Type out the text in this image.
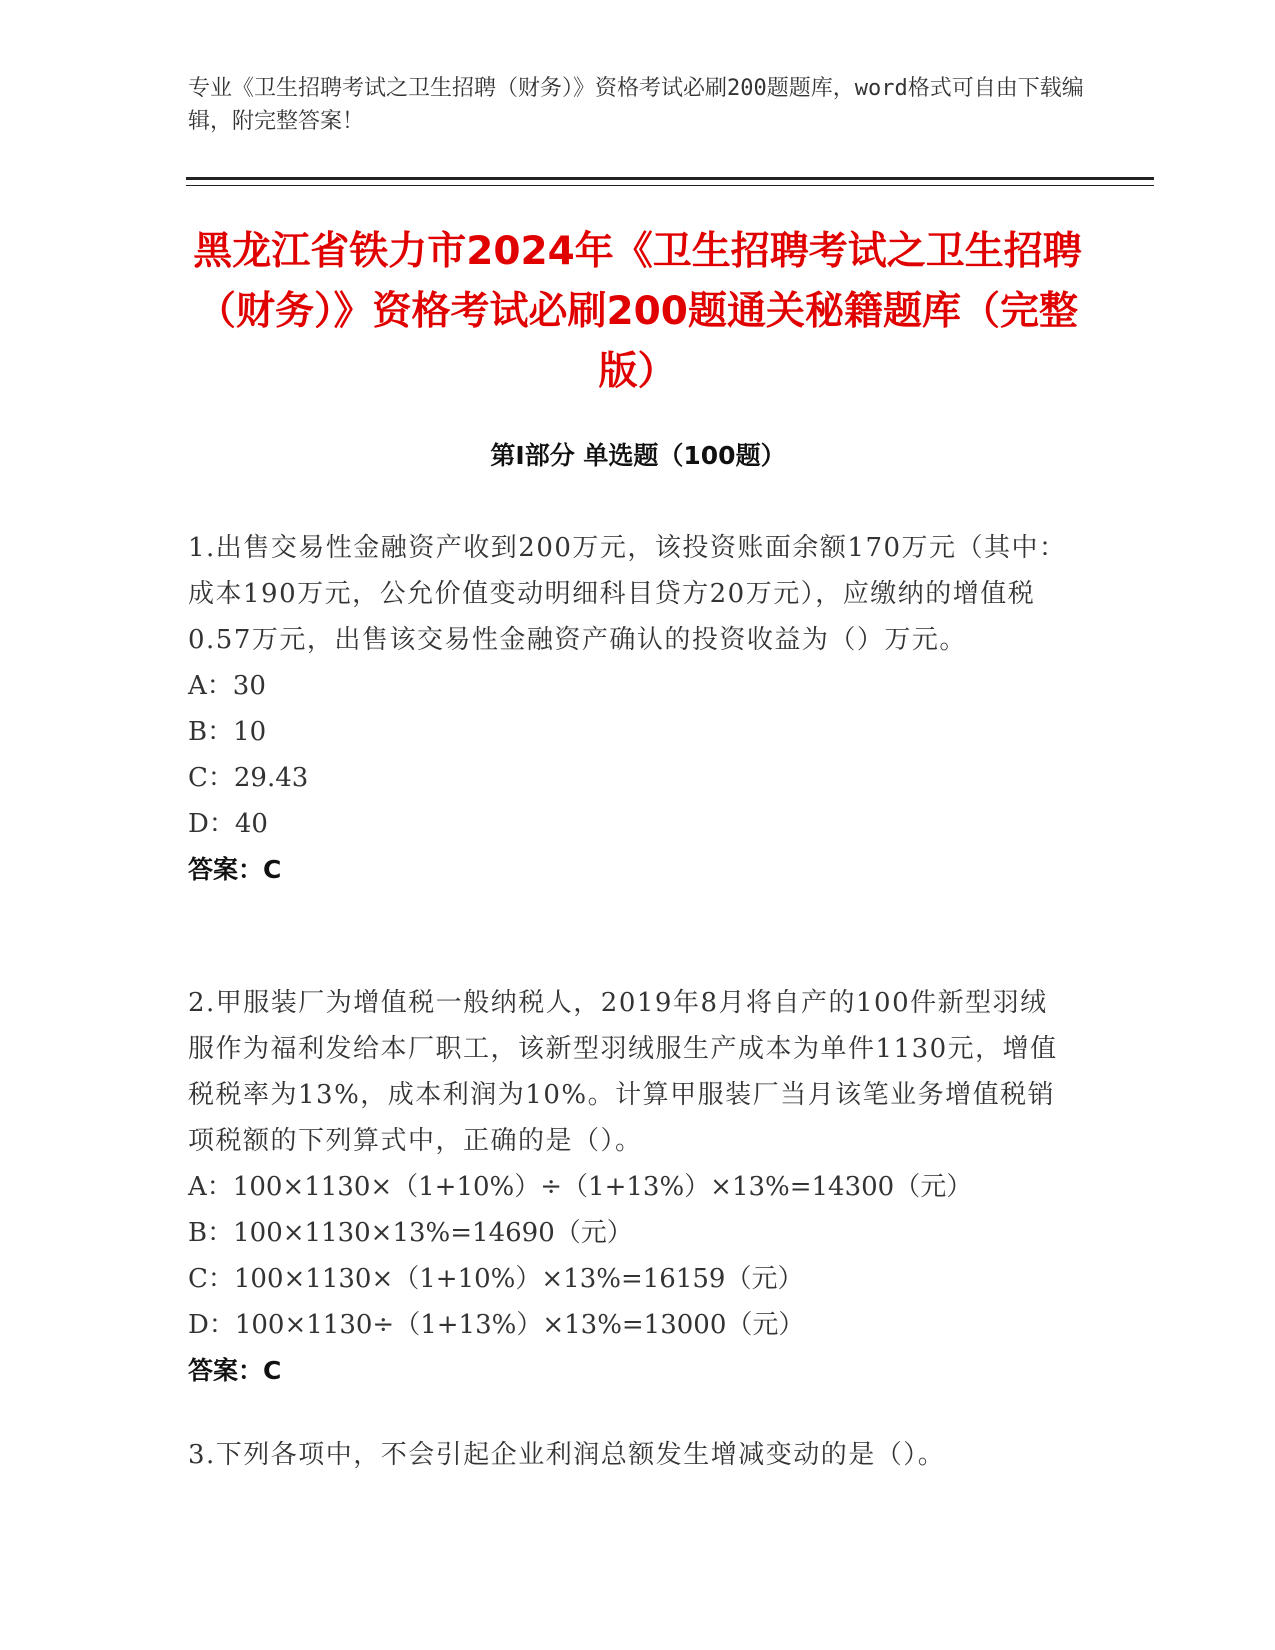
专业《卫生招聘考试之卫生招聘（财务）》资格考试必刷200题题库，word格式可自由下载编辑，附完整答案！
黑龙江省铁力市2024年《卫生招聘考试之卫生招聘（财务）》资格考试必刷200题通关秘籍题库（完整版）
第Ⅰ部分 单选题（100题）

1.出售交易性金融资产收到200万元，该投资账面余额170万元（其中：成本190万元，公允价值变动明细科目贷方20万元），应缴纳的增值税0.57万元，出售该交易性金融资产确认的投资收益为（）万元。

A：30

B：10

C：29.43

D：40

答案：C

2.甲服装厂为增值税一般纳税人，2019年8月将自产的100件新型羽绒服作为福利发给本厂职工，该新型羽绒服生产成本为单件1130元，增值税税率为13%，成本利润为10%。计算甲服装厂当月该笔业务增值税销项税额的下列算式中，正确的是（）。

A：100×1130×（1+10%）÷（1+13%）×13%=14300（元）

B：100×1130×13%=14690（元）

C：100×1130×（1+10%）×13%=16159（元）

D：100×1130÷（1+13%）×13%=13000（元）

答案：C

3.下列各项中，不会引起企业利润总额发生增减变动的是（）。
